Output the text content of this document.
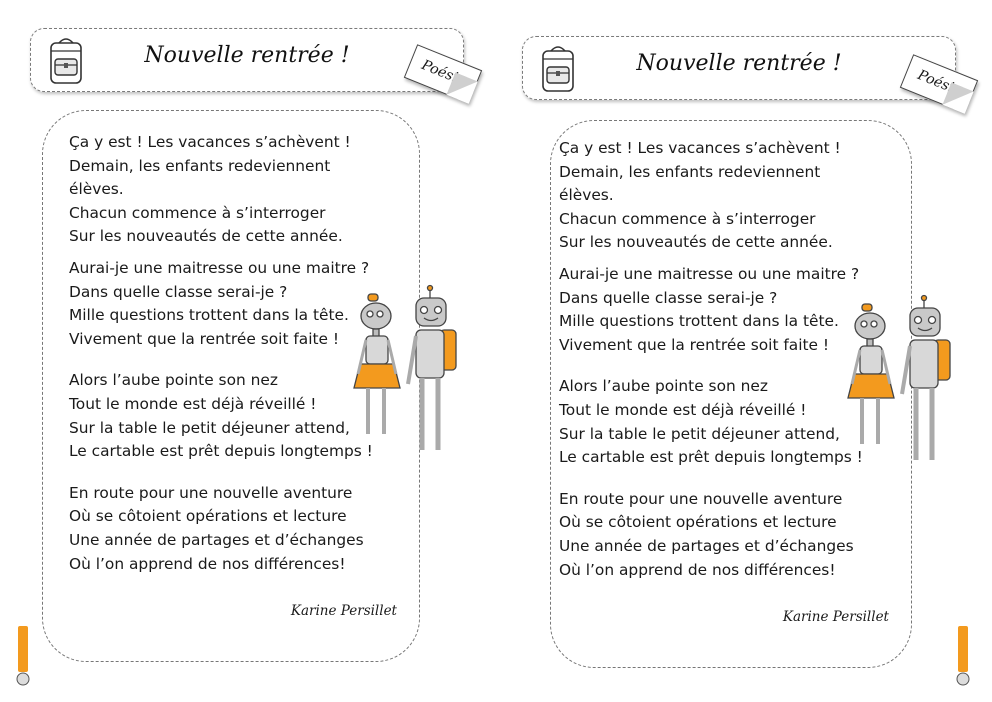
Nouvelle rentrée !
Poésie
Ça y est ! Les vacances s’achèvent !
Demain, les enfants redeviennent
élèves.
Chacun commence à s’interroger
Sur les nouveautés de cette année.
Aurai-je une maitresse ou une maitre ?
Dans quelle classe serai-je ?
Mille questions trottent dans la tête.
Vivement que la rentrée soit faite !
Alors l’aube pointe son nez
Tout le monde est déjà réveillé !
Sur la table le petit déjeuner attend,
Le cartable est prêt depuis longtemps !
En route pour une nouvelle aventure
Où se côtoient opérations et lecture
Une année de partages et d’échanges
Où l’on apprend de nos différences!
Karine Persillet
Nouvelle rentrée !
Poésie
Ça y est ! Les vacances s’achèvent !
Demain, les enfants redeviennent
élèves.
Chacun commence à s’interroger
Sur les nouveautés de cette année.
Aurai-je une maitresse ou une maitre ?
Dans quelle classe serai-je ?
Mille questions trottent dans la tête.
Vivement que la rentrée soit faite !
Alors l’aube pointe son nez
Tout le monde est déjà réveillé !
Sur la table le petit déjeuner attend,
Le cartable est prêt depuis longtemps !
En route pour une nouvelle aventure
Où se côtoient opérations et lecture
Une année de partages et d’échanges
Où l’on apprend de nos différences!
Karine Persillet
